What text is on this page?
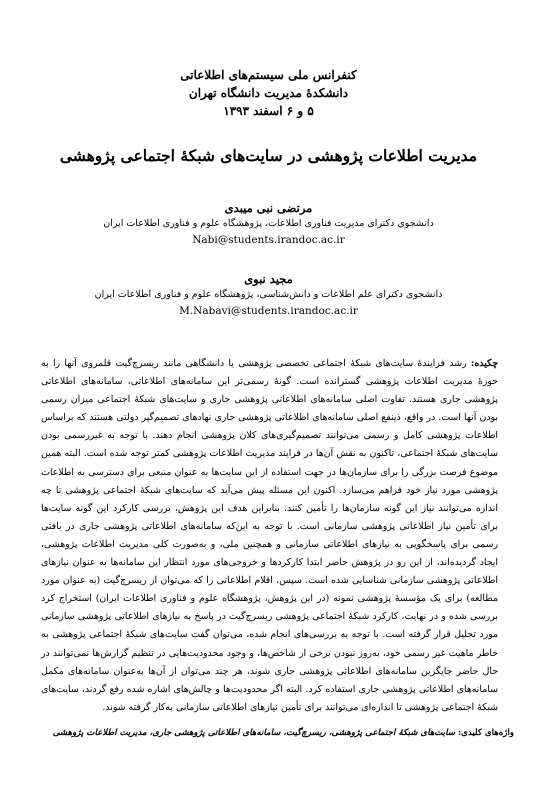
کنفرانس ملی سیستم‌های اطلاعاتی
دانشکدۀ مدیریت دانشگاه تهران
۵ و ۶ اسفند ۱۳۹۳
مدیریت اطلاعات پژوهشی در سایت‌های شبکۀ اجتماعی پژوهشی
مرتضی نبی میبدی
دانشجوی دکترای مدیریت فناوری اطلاعات، پژوهشگاه علوم و فناوری اطلاعات ایران
Nabi@students.irandoc.ac.ir
مجید نبوی
دانشجوی دکترای علم اطلاعات و دانش‌شناسی، پژوهشگاه علوم و فناوری اطلاعات ایران
M.Nabavi@students.irandoc.ac.ir
چکیده: رشد فزایندۀ سایت‌های شبکۀ اجتماعی تخصصی پژوهشی یا دانشگاهی مانند ریسرچ‌گیت قلمروی آنها را به حوزۀ مدیریت اطلاعات پژوهشی گسترانده است. گونۀ رسمی‌تر این سامانه‌های اطلاعاتی، سامانه‌های اطلاعاتی پژوهشی جاری هستند. تفاوت اصلی سامانه‌های اطلاعاتی پژوهشی جاری و سایت‌های شبکۀ اجتماعی میزان رسمی بودن آنها است. در واقع، ذینفع اصلی سامانه‌های اطلاعاتی پژوهشی جاری نهادهای تصمیم‌گیر دولتی هستند که براساس اطلاعات پژوهشی کامل و رسمی می‌توانند تصمیم‌گیری‌های کلان پژوهشی انجام دهند. با توجه به غیررسمی بودن سایت‌های شبکۀ اجتماعی، تاکنون به نقش آن‌ها در فرایند مدیریت اطلاعات پژوهشی کمتر توجه شده است. البته همین موضوع فرصت بزرگی را برای سازمان‌ها در جهت استفاده از این سایت‌ها به عنوان منبعی برای دسترسی به اطلاعات پژوهشی مورد نیاز خود فراهم می‌سازد. اکنون این مسئله پیش می‌آید که سایت‌های شبکۀ اجتماعی پژوهشی تا چه اندازه می‌توانند نیاز این گونه سازمان‌ها را تأمین کنند. بنابراین هدف این پژوهش، بررسی کارکرد این گونه سایت‌ها برای تأمین نیاز اطلاعاتی پژوهشی سازمانی است. با توجه به این‌که سامانه‌های اطلاعاتی پژوهشی جاری در بافتی رسمی برای پاسخگویی به نیازهای اطلاعاتی سازمانی و همچنین ملی، و به‌صورت کلی مدیریت اطلاعات پژوهشی، ایجاد گردیده‌اند، از این رو در پژوهش حاضر ابتدا کارکردها و خروجی‌های مورد انتظار این سامانه‌ها به عنوان نیازهای اطلاعاتی پژوهشی سازمانی شناسایی شده است. سپس، اقلام اطلاعاتی را که می‌توان از ریسرچ‌گیت (به عنوان مورد مطالعه) برای یک مؤسسۀ پژوهشی نمونه (در این پژوهش، پژوهشگاه علوم و فناوری اطلاعات ایران) استخراج کرد بررسی شده و در نهایت، کارکرد شبکۀ اجتماعی پژوهشی ریسرچ‌گیت در پاسخ به نیازهای اطلاعاتی پژوهشی سازمانی مورد تحلیل قرار گرفته است. با توجه به بررسی‌های انجام شده، می‌توان گفت سایت‌های شبکۀ اجتماعی پژوهشی به خاطر ماهیت غیر رسمی خود، به‌روز نبودن برخی از شاخص‌ها، و وجود محدودیت‌هایی در تنظیم گزارش‌ها نمی‌توانند در حال حاضر جایگزین سامانه‌های اطلاعاتی پژوهشی جاری شوند، هر چند می‌توان از آن‌ها به‌عنوان سامانه‌های مکمل سامانه‌های اطلاعاتی پژوهشی جاری استفاده کرد. البته اگر محدودیت‌ها و چالش‌های اشاره شده رفع گردند، سایت‌های شبکۀ اجتماعی پژوهشی تا اندازه‌ای می‌توانند برای تأمین نیازهای اطلاعاتی سازمانی به‌کار گرفته شوند.
واژه‌های کلیدی: سایت‌های شبکۀ اجتماعی پژوهشی، ریسرچ‌گیت، سامانه‌های اطلاعاتی پژوهشی جاری، مدیریت اطلاعات پژوهشی
